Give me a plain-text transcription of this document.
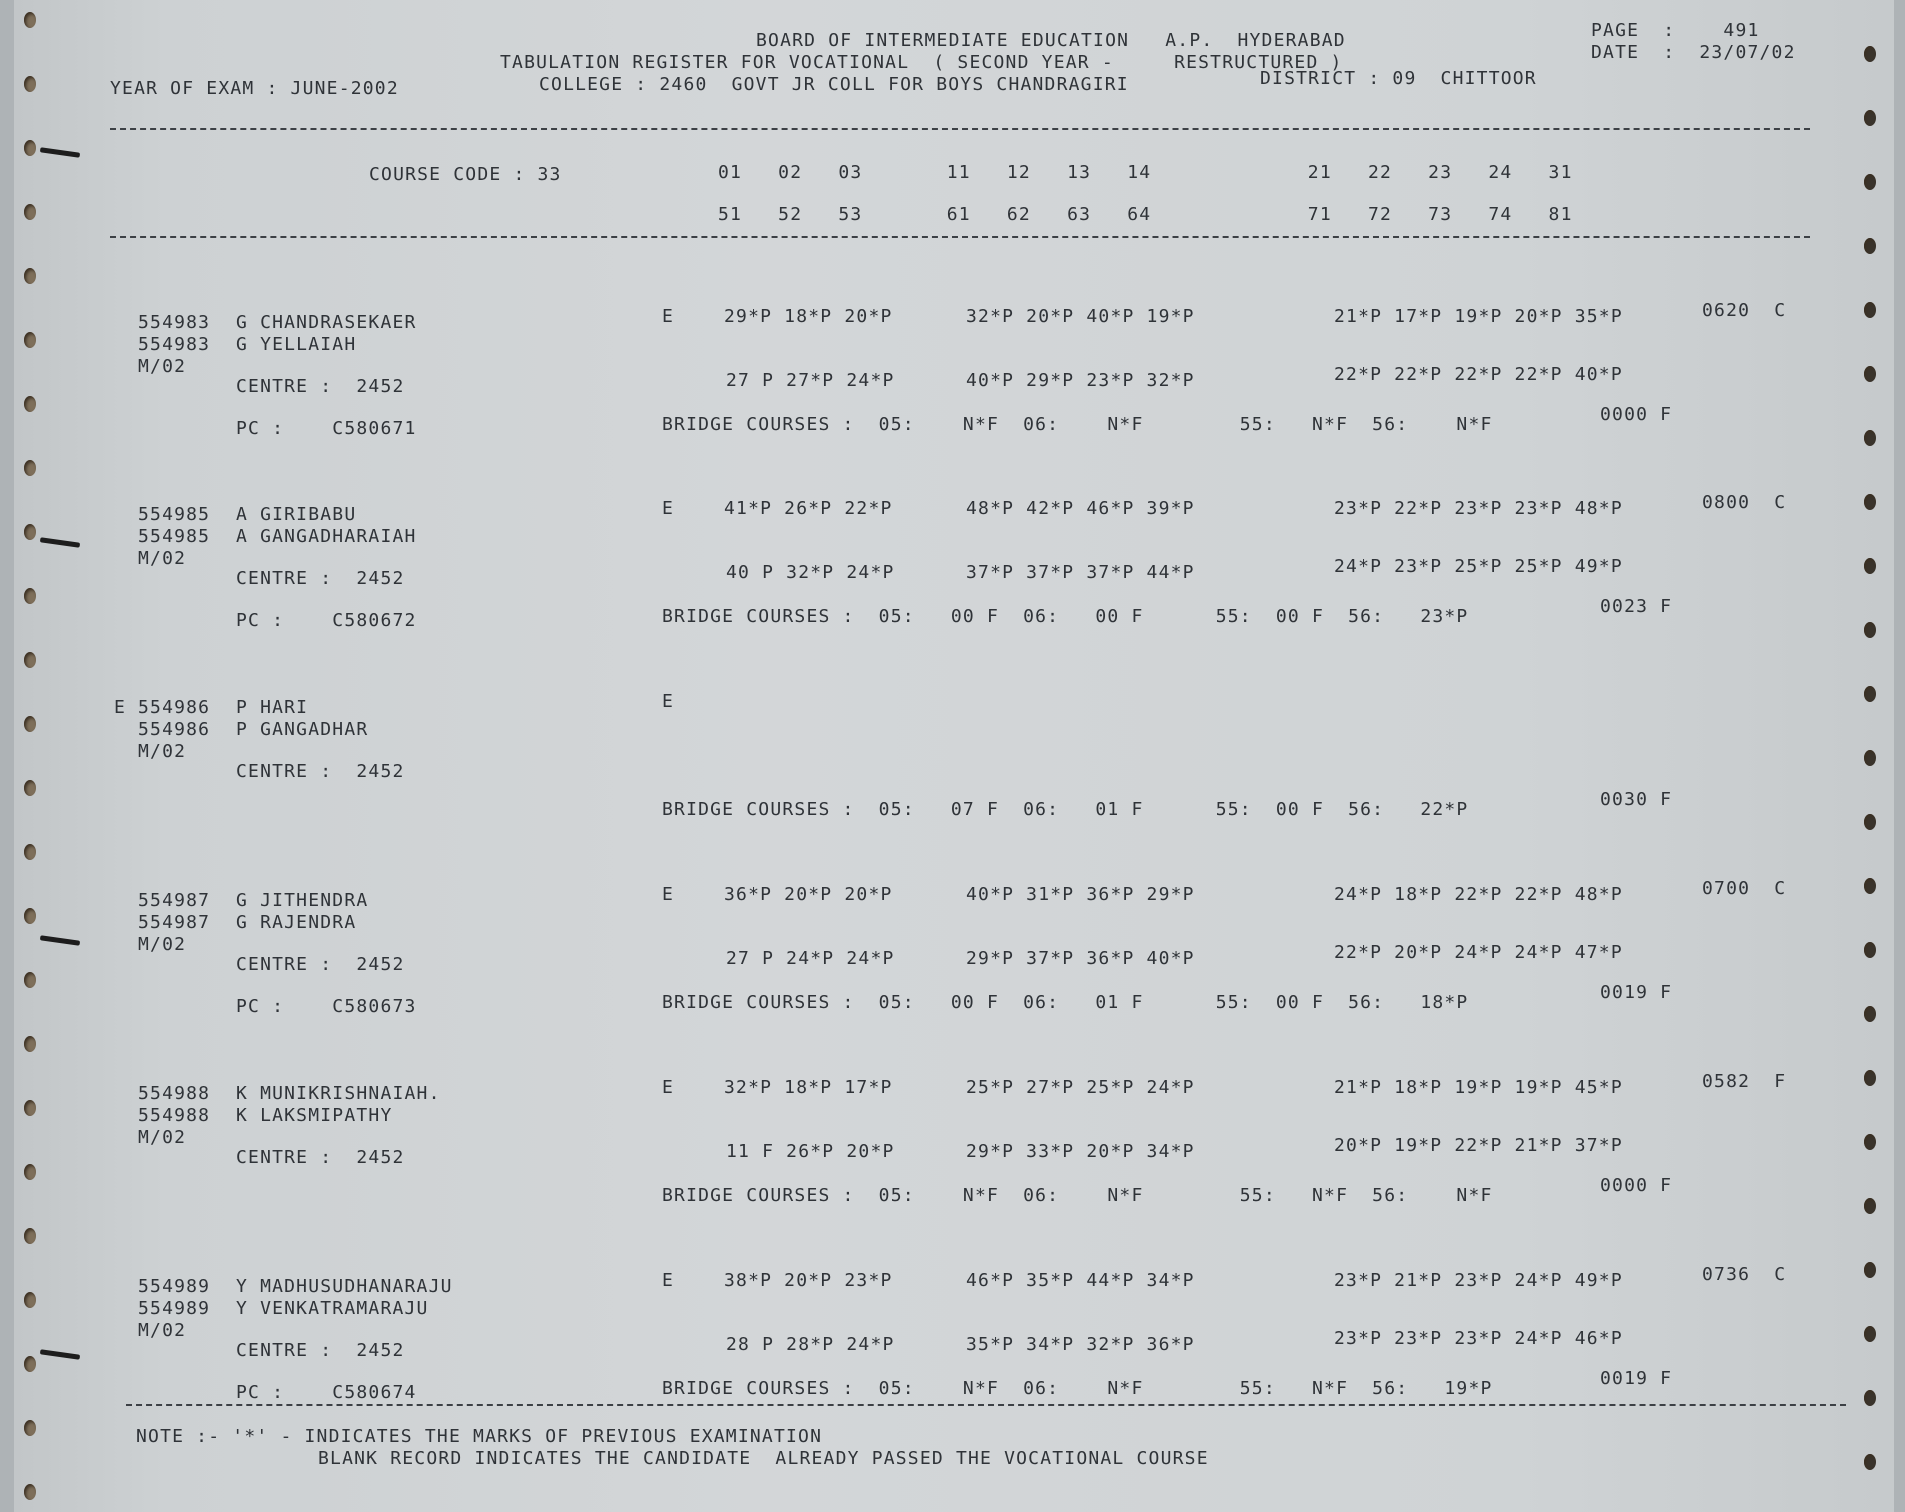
BOARD OF INTERMEDIATE EDUCATION   A.P.  HYDERABAD
TABULATION REGISTER FOR VOCATIONAL  ( SECOND YEAR -     RESTRUCTURED )
COLLEGE : 2460  GOVT JR COLL FOR BOYS CHANDRAGIRI
YEAR OF EXAM : JUNE-2002	DISTRICT : 09  CHITTOOR
PAGE  :    491
DATE  :  23/07/02
COURSE CODE : 33	01   02   03       11   12   13   14             21   22   23   24   31
51   52   53       61   62   63   64             71   72   73   74   81
554983 G CHANDRASEKAER
554983 G YELLAIAH
M/02
CENTRE :  2452
PC :    C580671
E	29*P 18*P 20*P	32*P 20*P 40*P 19*P	21*P 17*P 19*P 20*P 35*P	0620  C
27 P 27*P 24*P	40*P 29*P 23*P 32*P	22*P 22*P 22*P 22*P 40*P
BRIDGE COURSES :  05:    N*F  06:    N*F        55:   N*F  56:    N*F	0000 F
554985 A GIRIBABU
554985 A GANGADHARAIAH
M/02
CENTRE :  2452
PC :    C580672
E	41*P 26*P 22*P	48*P 42*P 46*P 39*P	23*P 22*P 23*P 23*P 48*P	0800  C
40 P 32*P 24*P	37*P 37*P 37*P 44*P	24*P 23*P 25*P 25*P 49*P
BRIDGE COURSES :  05:   00 F  06:   00 F      55:  00 F  56:   23*P	0023 F
E 554986 P HARI
554986 P GANGADHAR
M/02
CENTRE :  2452
E
BRIDGE COURSES :  05:   07 F  06:   01 F      55:  00 F  56:   22*P	0030 F
554987 G JITHENDRA
554987 G RAJENDRA
M/02
CENTRE :  2452
PC :    C580673
E	36*P 20*P 20*P	40*P 31*P 36*P 29*P	24*P 18*P 22*P 22*P 48*P	0700  C
27 P 24*P 24*P	29*P 37*P 36*P 40*P	22*P 20*P 24*P 24*P 47*P
BRIDGE COURSES :  05:   00 F  06:   01 F      55:  00 F  56:   18*P	0019 F
554988 K MUNIKRISHNAIAH.
554988 K LAKSMIPATHY
M/02
CENTRE :  2452
E	32*P 18*P 17*P	25*P 27*P 25*P 24*P	21*P 18*P 19*P 19*P 45*P	0582  F
11 F 26*P 20*P	29*P 33*P 20*P 34*P	20*P 19*P 22*P 21*P 37*P
BRIDGE COURSES :  05:    N*F  06:    N*F        55:   N*F  56:    N*F	0000 F
554989 Y MADHUSUDHANARAJU
554989 Y VENKATRAMARAJU
M/02
CENTRE :  2452
PC :    C580674
E	38*P 20*P 23*P	46*P 35*P 44*P 34*P	23*P 21*P 23*P 24*P 49*P	0736  C
28 P 28*P 24*P	35*P 34*P 32*P 36*P	23*P 23*P 23*P 24*P 46*P
BRIDGE COURSES :  05:    N*F  06:    N*F        55:   N*F  56:   19*P	0019 F
NOTE :- '*' - INDICATES THE MARKS OF PREVIOUS EXAMINATION
BLANK RECORD INDICATES THE CANDIDATE  ALREADY PASSED THE VOCATIONAL COURSE
